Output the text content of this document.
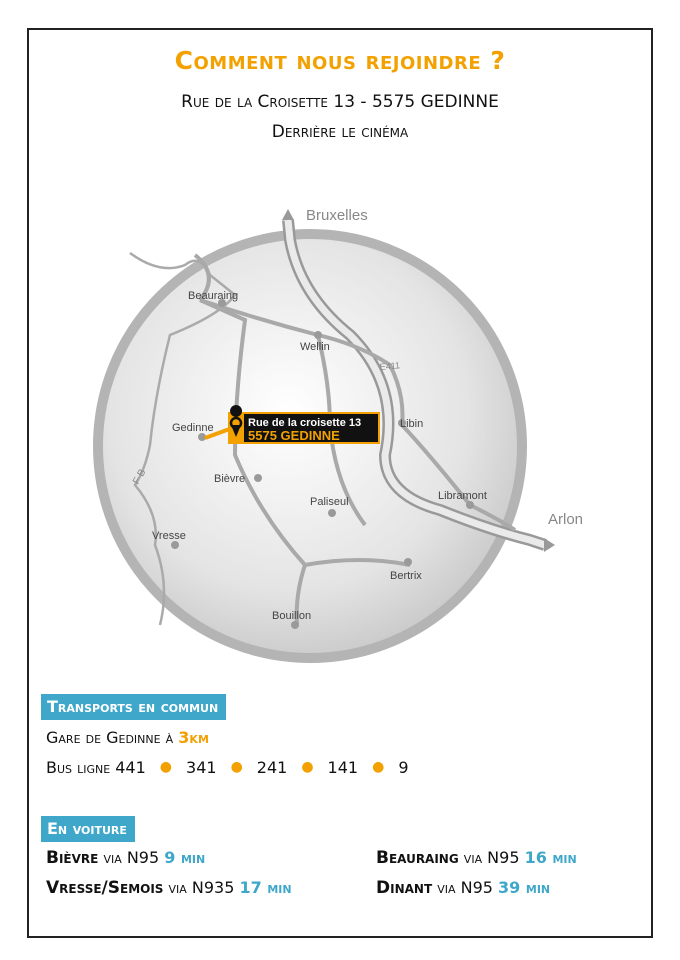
Comment nous rejoindre ?
Rue de la Croisette 13 - 5575 GEDINNE
Derrière le cinéma
Beauraing
Wellin
Gedinne	Libin
Bièvre
Paliseul	Libramont
Vresse
Bertrix
Bouillon
E411
F B
Bruxelles
Arlon
Rue de la croisette 13
5575 GEDINNE
Transports en commun
Gare de Gedinne à 3km
Bus ligne 441 ● 341 ● 241 ● 141 ● 9
En voiture
Bièvre via N95 9 min	Beauraing via N95 16 min
Vresse/Semois via N935 17 min	Dinant via N95 39 min
